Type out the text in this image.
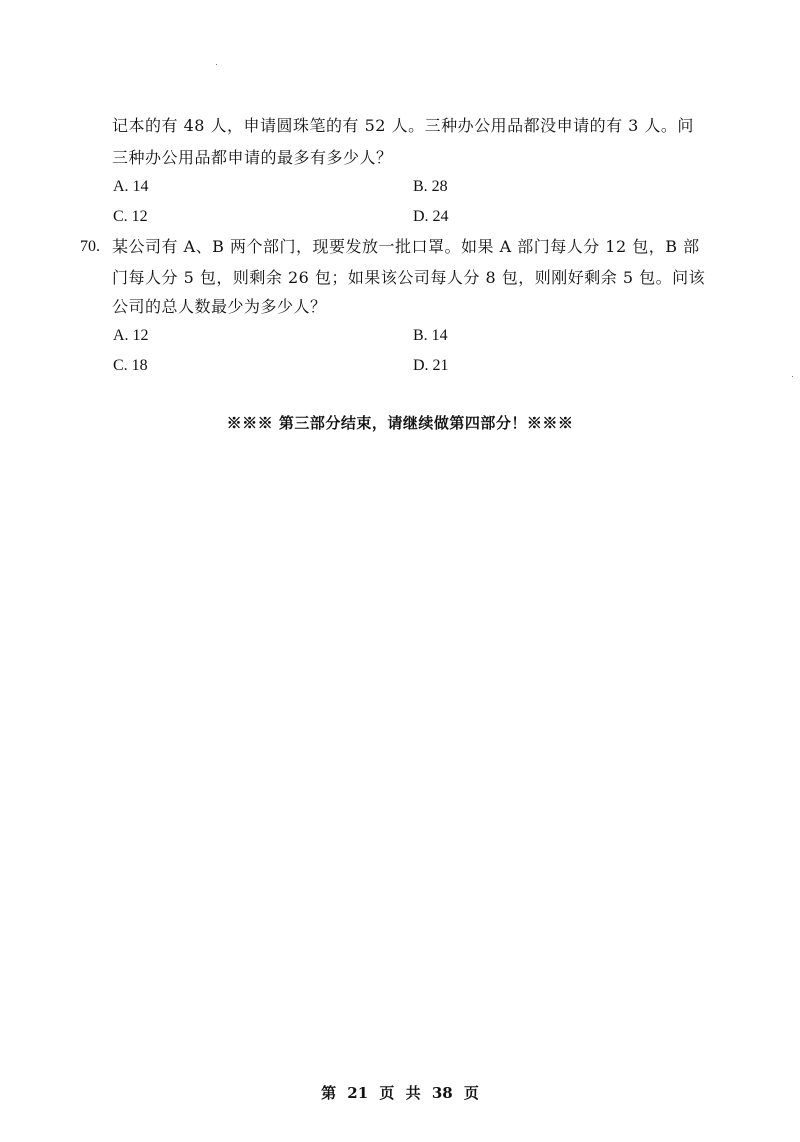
记本的有 48 人，申请圆珠笔的有 52 人。三种办公用品都没申请的有 3 人。问
三种办公用品都申请的最多有多少人？
A. 14	B. 28
C. 12	D. 24
70. 某公司有 A、B 两个部门，现要发放一批口罩。如果 A 部门每人分 12 包，B 部
门每人分 5 包，则剩余 26 包；如果该公司每人分 8 包，则刚好剩余 5 包。问该
公司的总人数最少为多少人？
A. 12	B. 14
C. 18	D. 21
※※※ 第三部分结束，请继续做第四部分！※※※
第 21 页 共 38 页
